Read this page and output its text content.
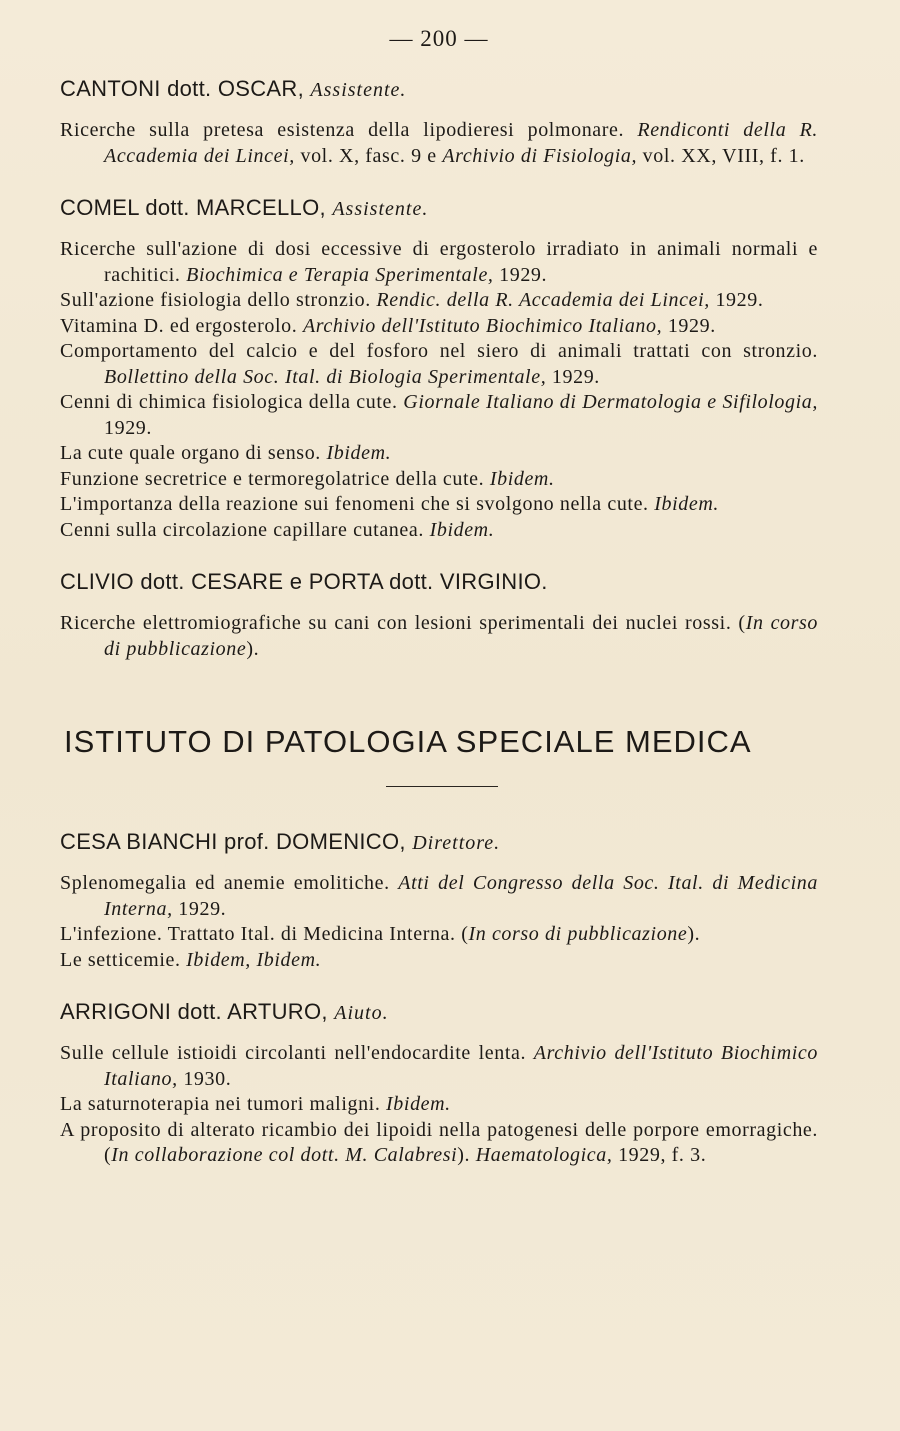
— 200 —
CANTONI dott. OSCAR, Assistente.

Ricerche sulla pretesa esistenza della lipodieresi polmonare. Rendiconti della R. Accademia dei Lincei, vol. X, fasc. 9 e Archivio di Fisiologia, vol. XX, VIII, f. 1.

COMEL dott. MARCELLO, Assistente.

Ricerche sull'azione di dosi eccessive di ergosterolo irradiato in animali normali e rachitici. Biochimica e Terapia Sperimentale, 1929.

Sull'azione fisiologia dello stronzio. Rendic. della R. Accademia dei Lincei, 1929.

Vitamina D. ed ergosterolo. Archivio dell'Istituto Biochimico Italiano, 1929.

Comportamento del calcio e del fosforo nel siero di animali trattati con stronzio. Bollettino della Soc. Ital. di Biologia Sperimentale, 1929.

Cenni di chimica fisiologica della cute. Giornale Italiano di Dermatologia e Sifilologia, 1929.

La cute quale organo di senso. Ibidem.

Funzione secretrice e termoregolatrice della cute. Ibidem.

L'importanza della reazione sui fenomeni che si svolgono nella cute. Ibidem.

Cenni sulla circolazione capillare cutanea. Ibidem.

CLIVIO dott. CESARE e PORTA dott. VIRGINIO.

Ricerche elettromiografiche su cani con lesioni sperimentali dei nuclei rossi. (In corso di pubblicazione).

ISTITUTO DI PATOLOGIA SPECIALE MEDICA
CESA BIANCHI prof. DOMENICO, Direttore.

Splenomegalia ed anemie emolitiche. Atti del Congresso della Soc. Ital. di Medicina Interna, 1929.

L'infezione. Trattato Ital. di Medicina Interna. (In corso di pubblicazione).

Le setticemie. Ibidem, Ibidem.

ARRIGONI dott. ARTURO, Aiuto.

Sulle cellule istioidi circolanti nell'endocardite lenta. Archivio dell'Istituto Biochimico Italiano, 1930.

La saturnoterapia nei tumori maligni. Ibidem.

A proposito di alterato ricambio dei lipoidi nella patogenesi delle porpore emorragiche. (In collaborazione col dott. M. Calabresi). Haematologica, 1929, f. 3.
